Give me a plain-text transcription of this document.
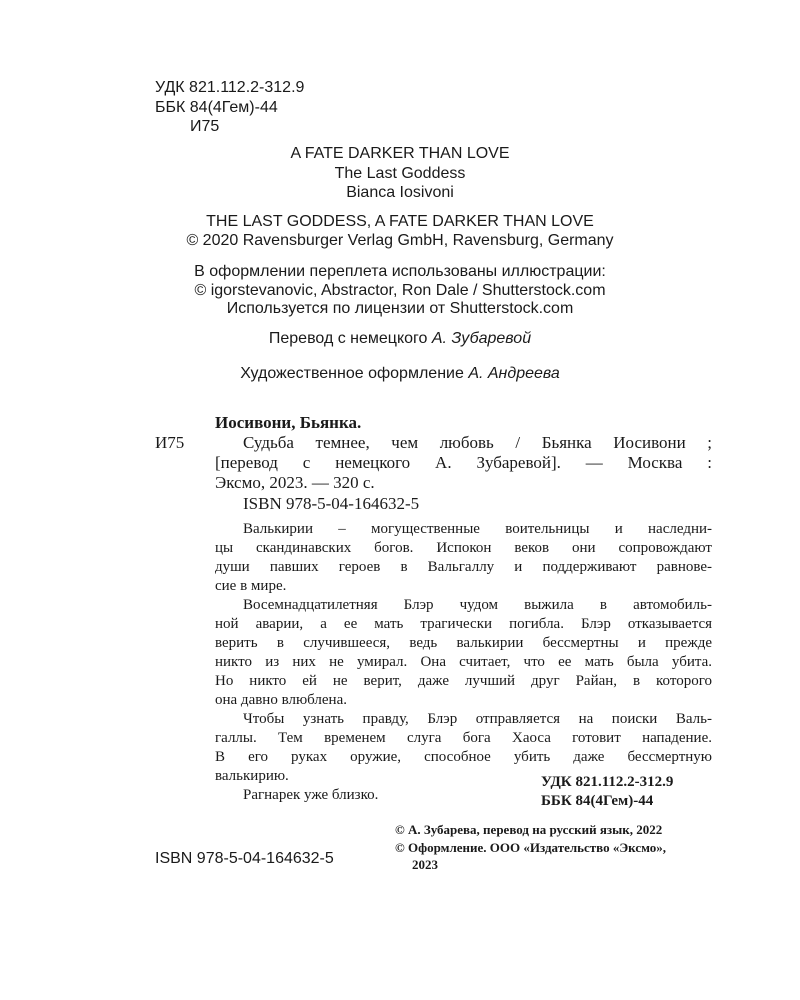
УДК 821.112.2-312.9
ББК 84(4Гем)-44
И75
A FATE DARKER THAN LOVE
The Last Goddess
Bianca Iosivoni
THE LAST GODDESS, A FATE DARKER THAN LOVE
© 2020 Ravensburger Verlag GmbH, Ravensburg, Germany
В оформлении переплета использованы иллюстрации:
© igorstevanovic, Abstractor, Ron Dale / Shutterstock.com
Используется по лицензии от Shutterstock.com
Перевод с немецкого А. Зубаревой
Художественное оформление А. Андреева
Иосивони, Бьянка.
И75	Судьба темнее, чем любовь / Бьянка Иосивони ;
[перевод с немецкого А. Зубаревой]. — Москва :
Эксмо, 2023. — 320 с.
ISBN 978-5-04-164632-5
Валькирии – могущественные воительницы и наследни-
цы скандинавских богов. Испокон веков они сопровождают
души павших героев в Вальгаллу и поддерживают равнове-
сие в мире.
Восемнадцатилетняя Блэр чудом выжила в автомобиль-
ной аварии, а ее мать трагически погибла. Блэр отказывается
верить в случившееся, ведь валькирии бессмертны и прежде
никто из них не умирал. Она считает, что ее мать была убита.
Но никто ей не верит, даже лучший друг Райан, в которого
она давно влюблена.
Чтобы узнать правду, Блэр отправляется на поиски Валь-
галлы. Тем временем слуга бога Хаоса готовит нападение.
В его руках оружие, способное убить даже бессмертную
валькирию.
Рагнарек уже близко.
УДК 821.112.2-312.9
ББК 84(4Гем)-44
ISBN 978-5-04-164632-5
© А. Зубарева, перевод на русский язык, 2022
© Оформление. ООО «Издательство «Эксмо»,
2023
